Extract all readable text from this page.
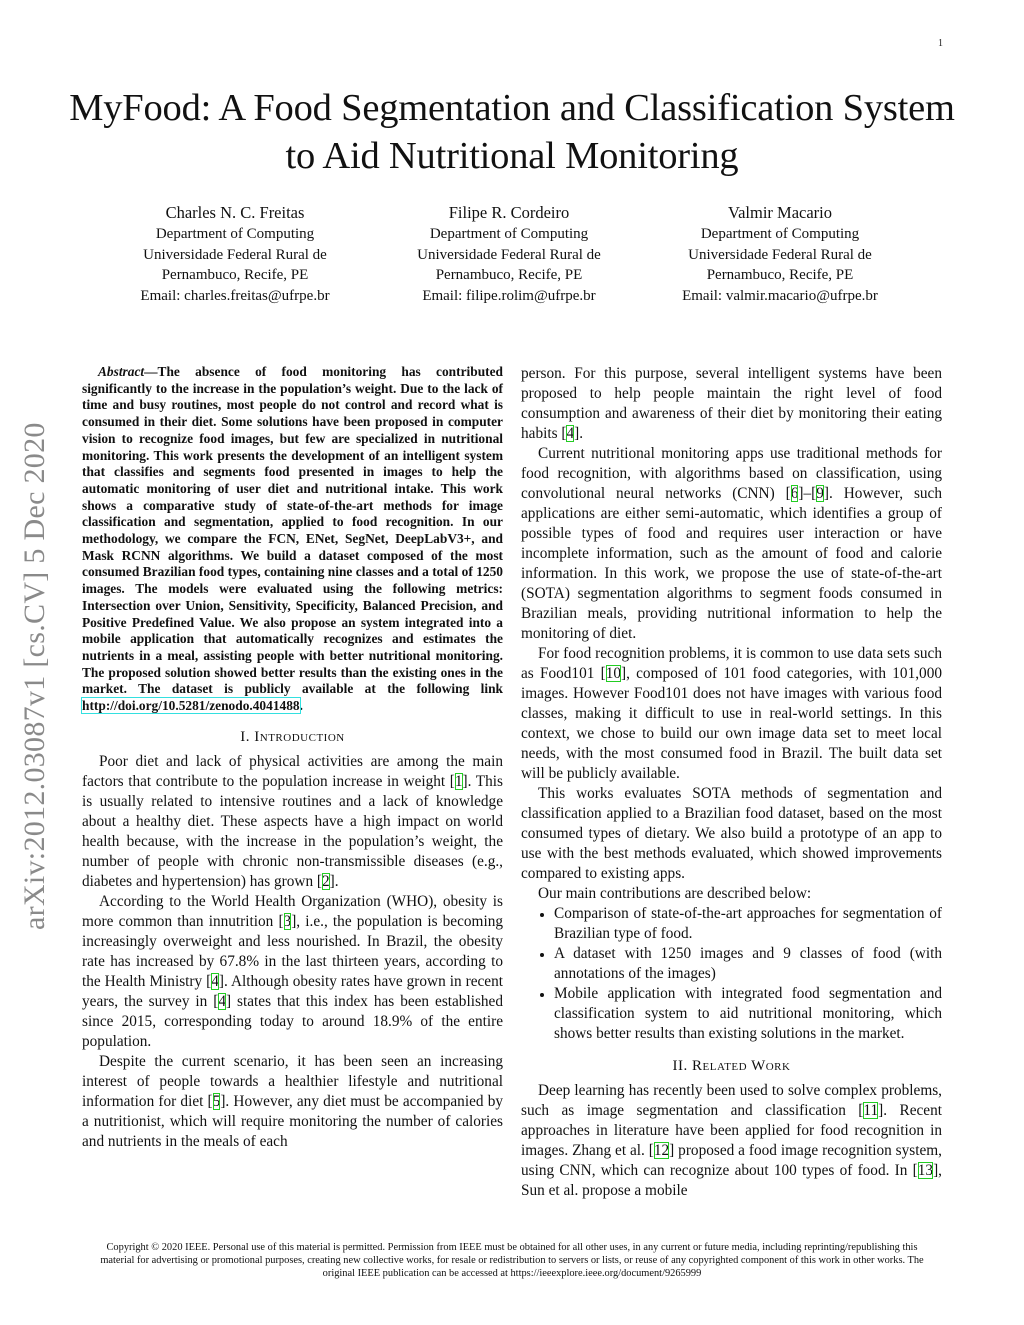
1
MyFood: A Food Segmentation and Classification System to Aid Nutritional Monitoring
Charles N. C. Freitas
Department of Computing
Universidade Federal Rural de
Pernambuco, Recife, PE
Email: charles.freitas@ufrpe.br
Filipe R. Cordeiro
Department of Computing
Universidade Federal Rural de
Pernambuco, Recife, PE
Email: filipe.rolim@ufrpe.br
Valmir Macario
Department of Computing
Universidade Federal Rural de
Pernambuco, Recife, PE
Email: valmir.macario@ufrpe.br
arXiv:2012.03087v1 [cs.CV] 5 Dec 2020

Abstract—The absence of food monitoring has contributed significantly to the increase in the population’s weight. Due to the lack of time and busy routines, most people do not control and record what is consumed in their diet. Some solutions have been proposed in computer vision to recognize food images, but few are specialized in nutritional monitoring. This work presents the development of an intelligent system that classifies and segments food presented in images to help the automatic monitoring of user diet and nutritional intake. This work shows a comparative study of state-of-the-art methods for image classification and segmentation, applied to food recognition. In our methodology, we compare the FCN, ENet, SegNet, DeepLabV3+, and Mask RCNN algorithms. We build a dataset composed of the most consumed Brazilian food types, containing nine classes and a total of 1250 images. The models were evaluated using the following metrics: Intersection over Union, Sensitivity, Specificity, Balanced Precision, and Positive Predefined Value. We also propose an system integrated into a mobile application that automatically recognizes and estimates the nutrients in a meal, assisting people with better nutritional monitoring. The proposed solution showed better results than the existing ones in the market. The dataset is publicly available at the following link http://doi.org/10.5281/zenodo.4041488.

I. Introduction

Poor diet and lack of physical activities are among the main factors that contribute to the population increase in weight [1]. This is usually related to intensive routines and a lack of knowledge about a healthy diet. These aspects have a high impact on world health because, with the increase in the population’s weight, the number of people with chronic non-transmissible diseases (e.g., diabetes and hypertension) has grown [2].

According to the World Health Organization (WHO), obesity is more common than innutrition [3], i.e., the population is becoming increasingly overweight and less nourished. In Brazil, the obesity rate has increased by 67.8% in the last thirteen years, according to the Health Ministry [4]. Although obesity rates have grown in recent years, the survey in [4] states that this index has been established since 2015, corresponding today to around 18.9% of the entire population.

Despite the current scenario, it has been seen an increasing interest of people towards a healthier lifestyle and nutritional information for diet [5]. However, any diet must be accompanied by a nutritionist, which will require monitoring the number of calories and nutrients in the meals of each

person. For this purpose, several intelligent systems have been proposed to help people maintain the right level of food consumption and awareness of their diet by monitoring their eating habits [4].

Current nutritional monitoring apps use traditional methods for food recognition, with algorithms based on classification, using convolutional neural networks (CNN) [6]–[9]. However, such applications are either semi-automatic, which identifies a group of possible types of food and requires user interaction or have incomplete information, such as the amount of food and calorie information. In this work, we propose the use of state-of-the-art (SOTA) segmentation algorithms to segment foods consumed in Brazilian meals, providing nutritional information to help the monitoring of diet.

For food recognition problems, it is common to use data sets such as Food101 [10], composed of 101 food categories, with 101,000 images. However Food101 does not have images with various food classes, making it difficult to use in real-world settings. In this context, we chose to build our own image data set to meet local needs, with the most consumed food in Brazil. The built data set will be publicly available.

This works evaluates SOTA methods of segmentation and classification applied to a Brazilian food dataset, based on the most consumed types of dietary. We also build a prototype of an app to use with the best methods evaluated, which showed improvements compared to existing apps.

Our main contributions are described below:

• Comparison of state-of-the-art approaches for segmentation of Brazilian type of food.
• A dataset with 1250 images and 9 classes of food (with annotations of the images)
• Mobile application with integrated food segmentation and classification system to aid nutritional monitoring, which shows better results than existing solutions in the market.
II. Related Work

Deep learning has recently been used to solve complex problems, such as image segmentation and classification [11]. Recent approaches in literature have been applied for food recognition in images. Zhang et al. [12] proposed a food image recognition system, using CNN, which can recognize about 100 types of food. In [13], Sun et al. propose a mobile

Copyright © 2020 IEEE. Personal use of this material is permitted. Permission from IEEE must be obtained for all other uses, in any current or future media, including reprinting/republishing this material for advertising or promotional purposes, creating new collective works, for resale or redistribution to servers or lists, or reuse of any copyrighted component of this work in other works. The original IEEE publication can be accessed at https://ieeexplore.ieee.org/document/9265999
